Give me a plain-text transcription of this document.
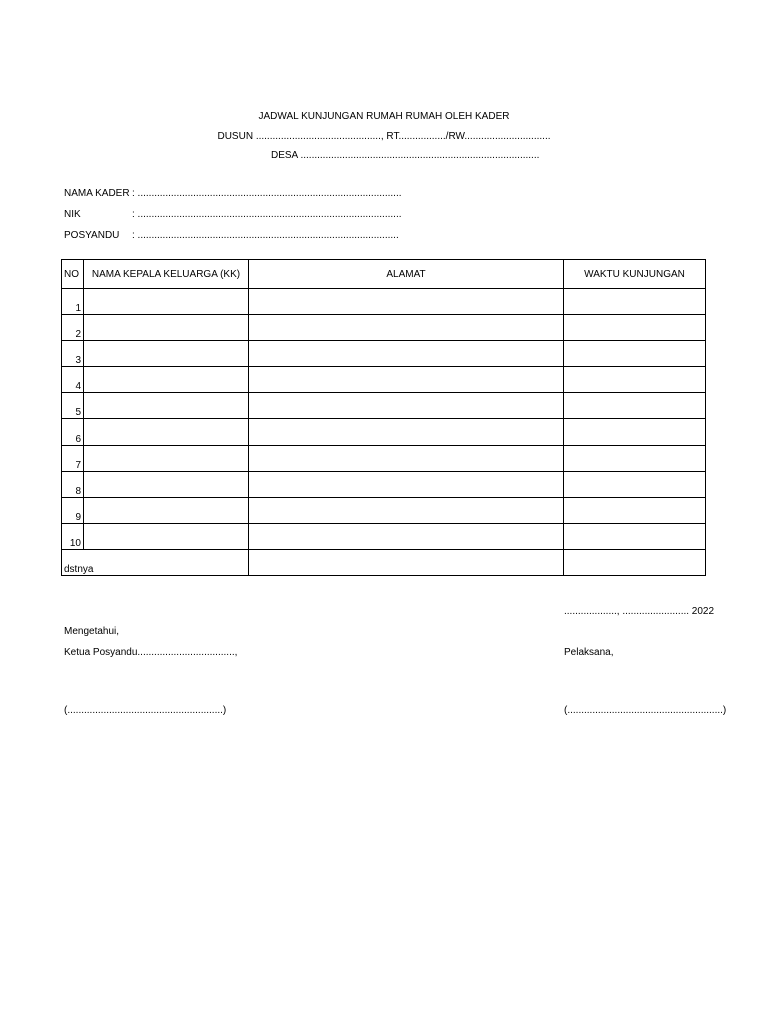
JADWAL KUNJUNGAN RUMAH RUMAH OLEH KADER
DUSUN ............................................., RT................./RW...............................
DESA ......................................................................................
NAMA KADER : ...............................................................................................
NIK	: ...............................................................................................
POSYANDU : ..............................................................................................
NO	NAMA KEPALA KELUARGA (KK)	ALAMAT	WAKTU KUNJUNGAN
1			
2			
3			
4			
5			
6			
7			
8			
9			
10			
dstnya			
..................., ........................ 2022
Mengetahui,
Ketua Posyandu...................................,	Pelaksana,
(........................................................)	(........................................................)
